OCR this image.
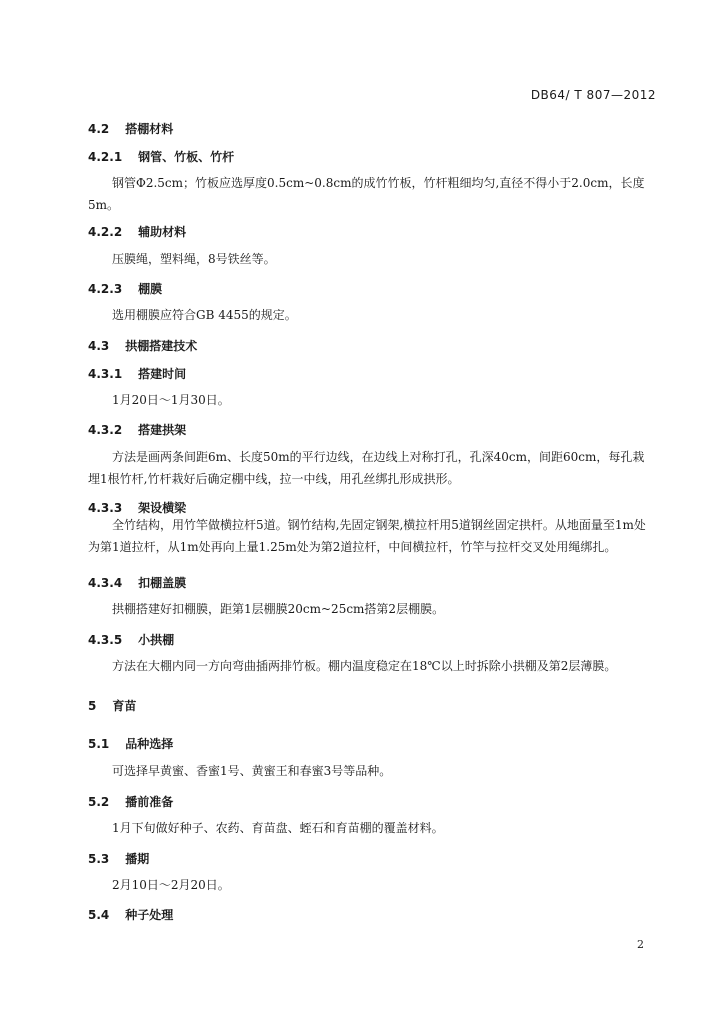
DB64/ T 807—2012
4.2 搭棚材料
4.2.1 钢管、竹板、竹杆
钢管Φ2.5cm；竹板应选厚度0.5cm~0.8cm的成竹竹板，竹杆粗细均匀,直径不得小于2.0cm，长度5m。
4.2.2 辅助材料
压膜绳，塑料绳，8号铁丝等。
4.2.3 棚膜
选用棚膜应符合GB 4455的规定。
4.3 拱棚搭建技术
4.3.1 搭建时间
1月20日～1月30日。
4.3.2 搭建拱架
方法是画两条间距6m、长度50m的平行边线，在边线上对称打孔，孔深40cm，间距60cm，每孔栽埋1根竹杆,竹杆栽好后确定棚中线，拉一中线，用孔丝绑扎形成拱形。
4.3.3 架设横梁
全竹结构，用竹竿做横拉杆5道。钢竹结构,先固定钢架,横拉杆用5道钢丝固定拱杆。从地面量至1m处为第1道拉杆，从1m处再向上量1.25m处为第2道拉杆，中间横拉杆，竹竿与拉杆交叉处用绳绑扎。
4.3.4 扣棚盖膜
拱棚搭建好扣棚膜，距第1层棚膜20cm~25cm搭第2层棚膜。
4.3.5 小拱棚
方法在大棚内同一方向弯曲插两排竹板。棚内温度稳定在18℃以上时拆除小拱棚及第2层薄膜。
5 育苗
5.1 品种选择
可选择早黄蜜、香蜜1号、黄蜜王和春蜜3号等品种。
5.2 播前准备
1月下旬做好种子、农药、育苗盘、蛭石和育苗棚的覆盖材料。
5.3 播期
2月10日～2月20日。
5.4 种子处理
2
